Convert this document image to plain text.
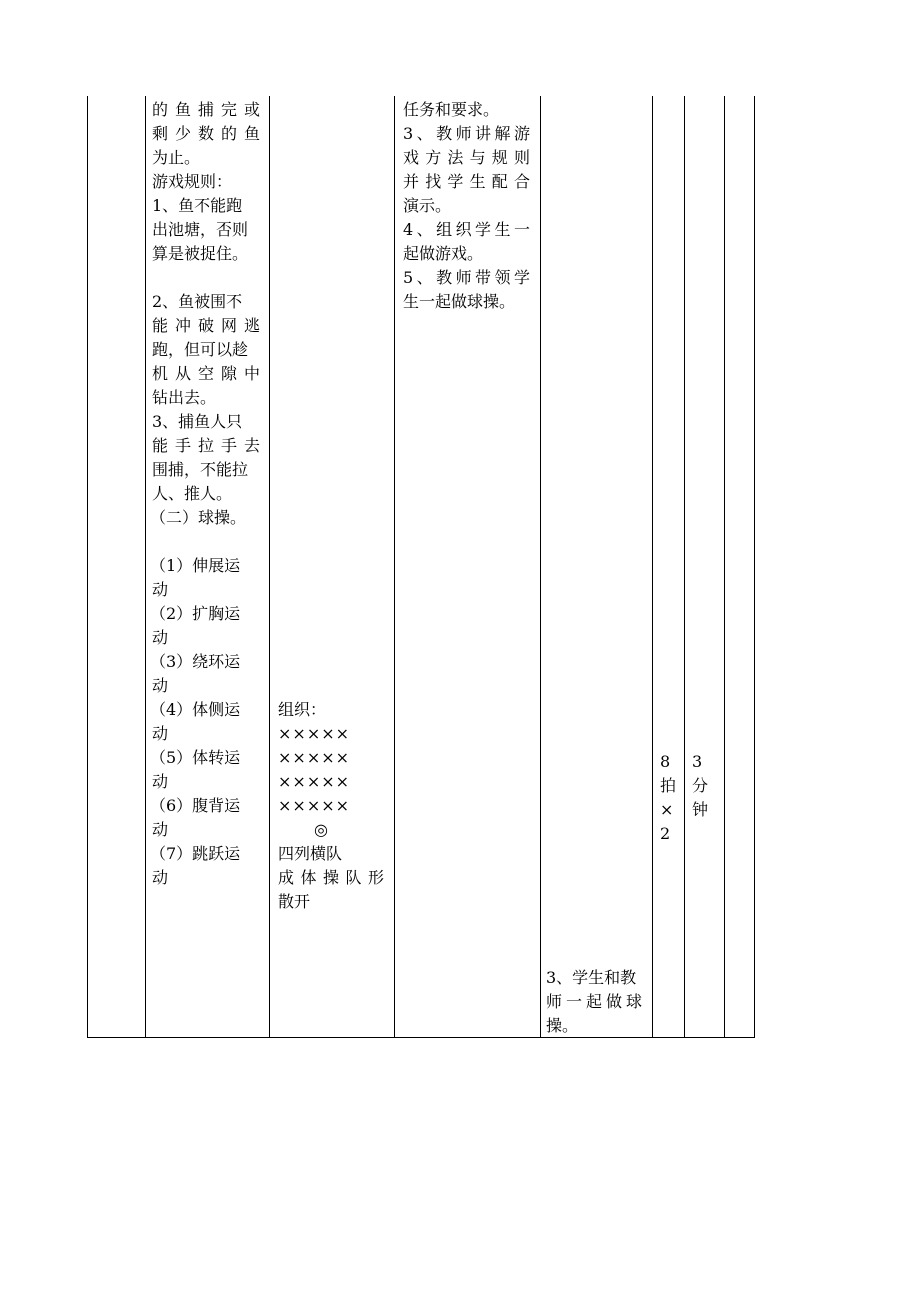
的 鱼 捕 完 或
剩 少 数 的 鱼
为止。
游戏规则：
1、鱼不能跑
出池塘，否则
算是被捉住。
2、鱼被围不
能 冲 破 网 逃
跑，但可以趁
机 从 空 隙 中
钻出去。
3、捕鱼人只
能 手 拉 手 去
围捕，不能拉
人、推人。
（二）球操。
（1）伸展运
动
（2）扩胸运
动
（3）绕环运
动
（4）体侧运
动
（5）体转运
动
（6）腹背运
动
（7）跳跃运
动
组织：
×××××
×××××
×××××
×××××
◎
四列横队
成 体 操 队 形
散开
任务和要求。
3 、 教 师 讲 解 游
戏 方 法 与 规 则
并 找 学 生 配 合
演示。
4 、 组 织 学 生 一
起做游戏。
5 、 教 师 带 领 学
生一起做球操。
3、学生和教
师 一 起 做 球
操。
8
拍
×
2
3
分
钟
